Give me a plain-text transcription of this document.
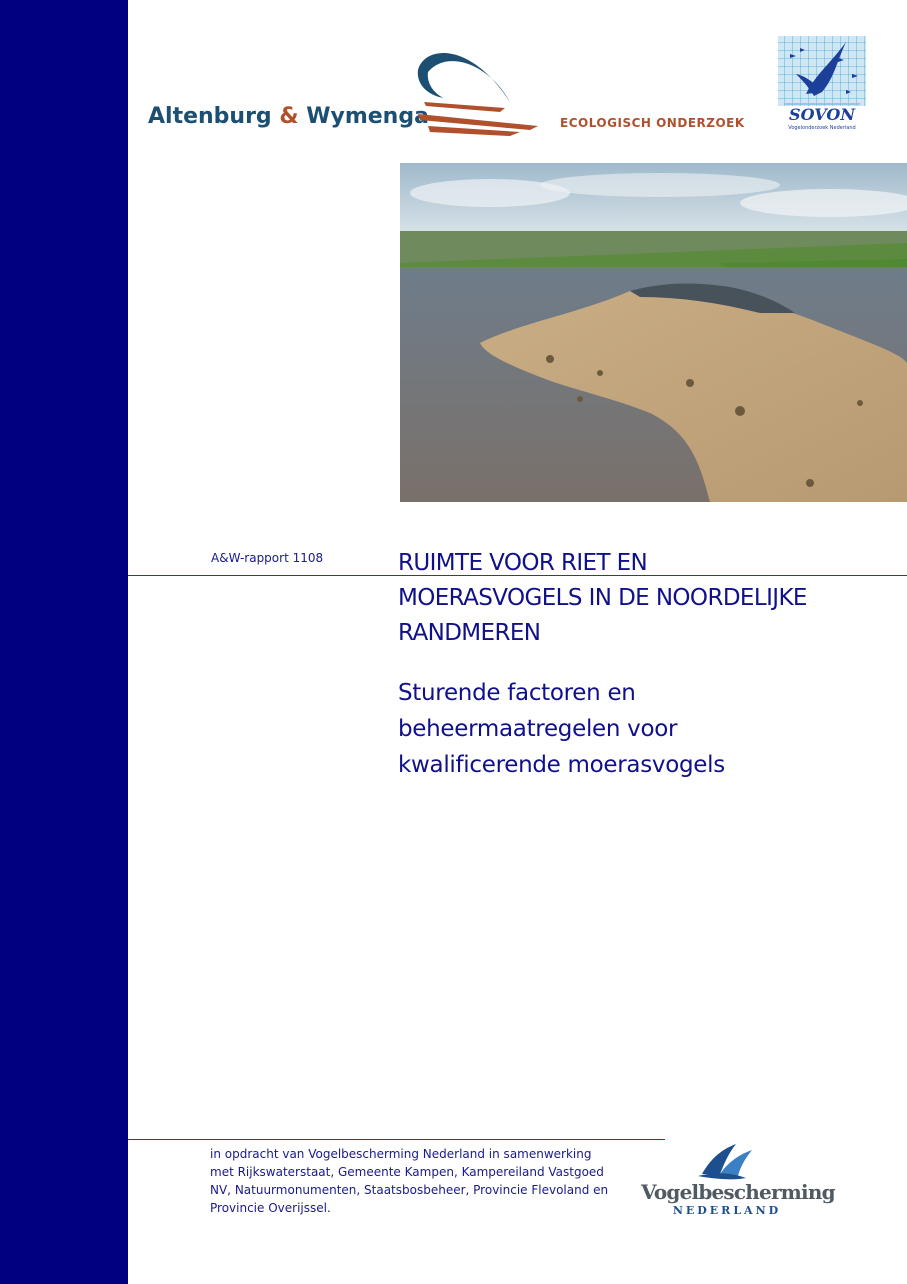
Altenburg & Wymenga	ECOLOGISCH ONDERZOEK	SOVON
Vogelonderzoek Nederland
A&W-rapport 1108	RUIMTE VOOR RIET EN
MOERASVOGELS IN DE NOORDELIJKE
RANDMEREN
Sturende factoren en
beheermaatregelen voor
kwalificerende moerasvogels
in opdracht van Vogelbescherming Nederland in samenwerking
met Rijkswaterstaat, Gemeente Kampen, Kampereiland Vastgoed
NV, Natuurmonumenten, Staatsbosbeheer, Provincie Flevoland en
Provincie Overijssel.
Vogelbescherming
NEDERLAND
